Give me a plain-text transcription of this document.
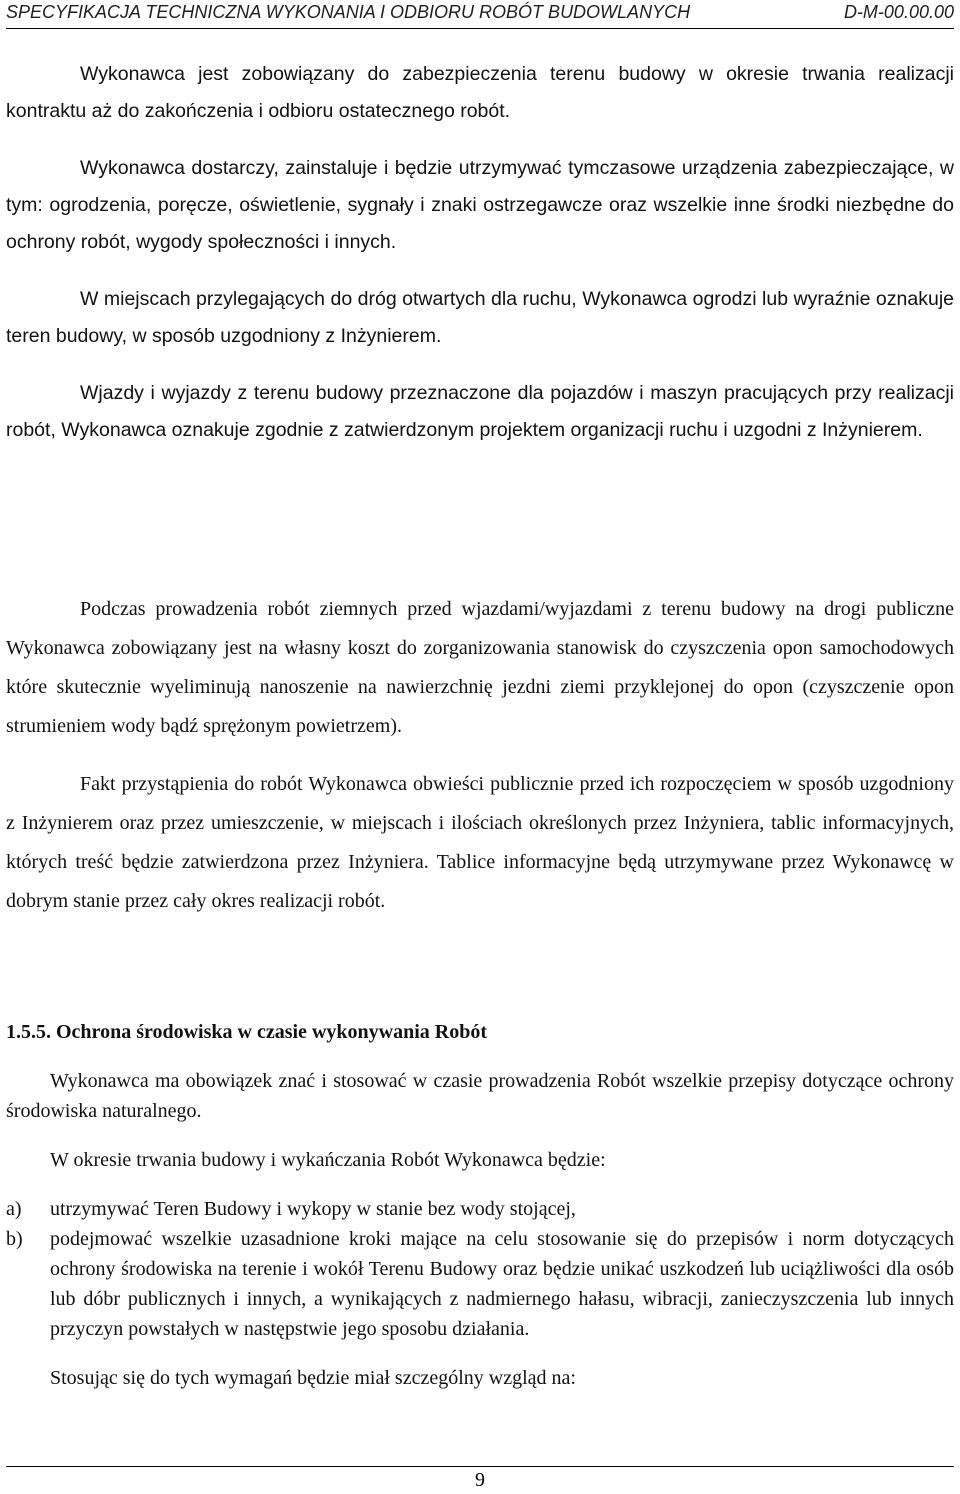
SPECYFIKACJA TECHNICZNA WYKONANIA I ODBIORU ROBÓT BUDOWLANYCH	D-M-00.00.00

Wykonawca jest zobowiązany do zabezpieczenia terenu budowy w okresie trwania realizacji kontraktu aż do zakończenia i odbioru ostatecznego robót.

Wykonawca dostarczy, zainstaluje i będzie utrzymywać tymczasowe urządzenia zabezpieczające, w tym: ogrodzenia, poręcze, oświetlenie, sygnały i znaki ostrzegawcze oraz wszelkie inne środki niezbędne do ochrony robót, wygody społeczności i innych.

W miejscach przylegających do dróg otwartych dla ruchu, Wykonawca ogrodzi lub wyraźnie oznakuje teren budowy, w sposób uzgodniony z Inżynierem.

Wjazdy i wyjazdy z terenu budowy przeznaczone dla pojazdów i maszyn pracujących przy realizacji robót, Wykonawca oznakuje zgodnie z zatwierdzonym projektem organizacji ruchu i uzgodni z Inżynierem.

Podczas prowadzenia robót ziemnych przed wjazdami/wyjazdami z terenu budowy na drogi publiczne Wykonawca zobowiązany jest na własny koszt do zorganizowania stanowisk do czyszczenia opon samochodowych które skutecznie wyeliminują nanoszenie na nawierzchnię jezdni ziemi przyklejonej do opon (czyszczenie opon strumieniem wody bądź sprężonym powietrzem).

Fakt przystąpienia do robót Wykonawca obwieści publicznie przed ich rozpoczęciem w sposób uzgodniony z Inżynierem oraz przez umieszczenie, w miejscach i ilościach określonych przez Inżyniera, tablic informacyjnych, których treść będzie zatwierdzona przez Inżyniera. Tablice informacyjne będą utrzymywane przez Wykonawcę w dobrym stanie przez cały okres realizacji robót.

1.5.5. Ochrona środowiska w czasie wykonywania Robót

Wykonawca ma obowiązek znać i stosować w czasie prowadzenia Robót wszelkie przepisy dotyczące ochrony środowiska naturalnego.

W okresie trwania budowy i wykańczania Robót Wykonawca będzie:

a) utrzymywać Teren Budowy i wykopy w stanie bez wody stojącej,
b) podejmować wszelkie uzasadnione kroki mające na celu stosowanie się do przepisów i norm dotyczących ochrony środowiska na terenie i wokół Terenu Budowy oraz będzie unikać uszkodzeń lub uciążliwości dla osób lub dóbr publicznych i innych, a wynikających z nadmiernego hałasu, wibracji, zanieczyszczenia lub innych przyczyn powstałych w następstwie jego sposobu działania.

Stosując się do tych wymagań będzie miał szczególny wzgląd na:

9
